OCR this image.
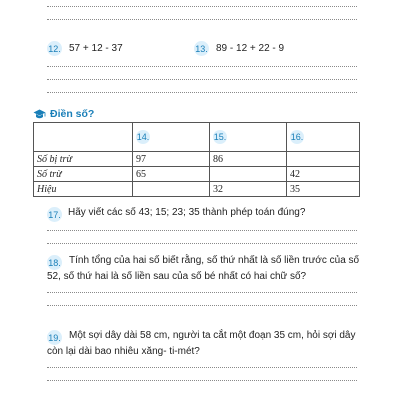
12. 57 + 12 - 37	13. 89 - 12 + 22 - 9
Điền số?
	14.	15.	16.
Số bị trừ	97	86	
Số trừ	65		42
Hiệu		32	35
17. Hãy viết các số 43; 15; 23; 35 thành phép toán đúng?
18. Tính tổng của hai số biết rằng, số thứ nhất là số liền trước của số 52, số thứ hai là số liền sau của số bé nhất có hai chữ số?
19. Một sợi dây dài 58 cm, người ta cắt một đoạn 35 cm, hỏi sợi dây còn lại dài bao nhiêu xăng- ti-mét?
